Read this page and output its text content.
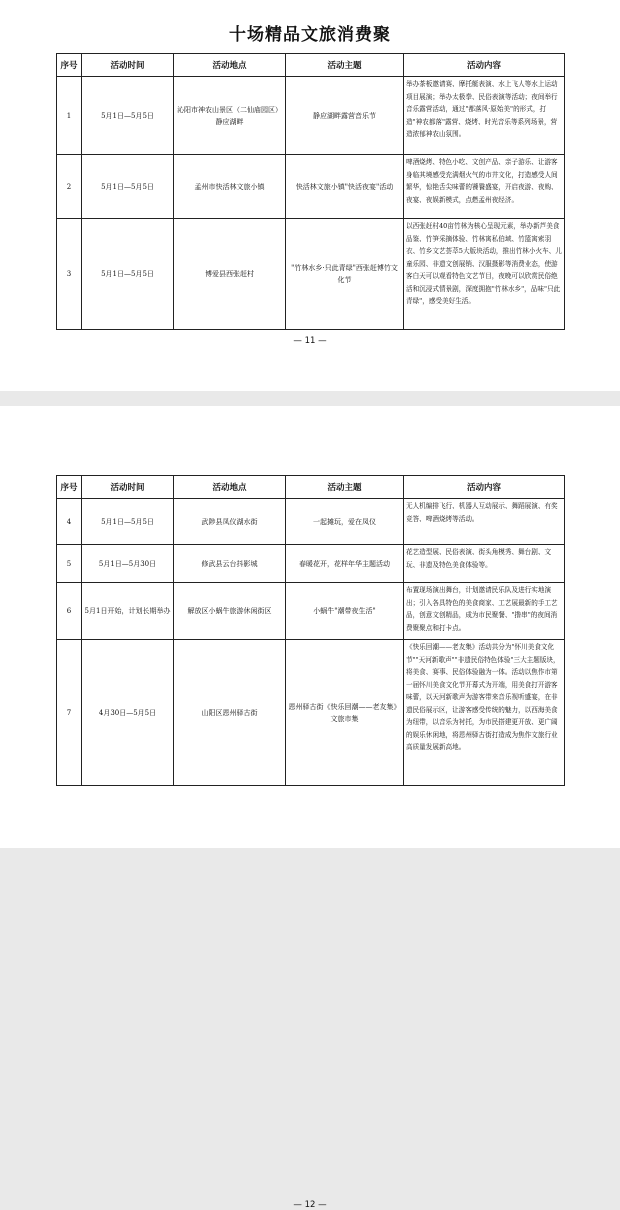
十场精品文旅消费聚
序号	活动时间	活动地点	活动主题	活动内容
1	5月1日—5月5日	沁阳市神农山景区（二仙庙园区）静应湖畔	静应湖畔露营音乐节	举办茶板邀请赛、摩托艇表演、水上飞人等水上运动项目展演；举办太极拳、民俗表演等活动；夜间举行音乐露营活动，通过"都落风·原始美"的形式，打造"神农都落"露营、烧烤、时光音乐等系列场景，营造浓郁神农山氛围。
2	5月1日—5月5日	孟州市快活林文旅小镇	快活林文旅小镇"快活夜宴"活动	啤酒烧烤、特色小吃、文创产品、亲子游乐、让游客身临其境感受充满烟火气的市井文化，打造感受人间繁华，惊艳舌尖味蕾的饕餮盛宴，开启夜游、夜购、夜宴、夜娱新模式，点燃孟州夜经济。
3	5月1日—5月5日	博爱县西张赶村	"竹林水乡·只此青绿"西张赶博竹文化节	以西张赶村40亩竹林为核心呈现元素，举办新芦美食品鉴、竹笋采摘体验、竹林寓私伯域、竹篮寓索羽衣、竹乡文艺荟萃5大版块活动，推出竹林小火车、儿童乐园、非遗文创展销、汉服摄影等消费业态，使游客白天可以观看特色文艺节目，夜晚可以欣赏民俗绝活和沉浸式情景剧，深度拥抱"竹林水乡"，品味"只此青绿"，感受美好生活。
— 11 —
— 12 —
序号	活动时间	活动地点	活动主题	活动内容
4	5月1日—5月5日	武陟县凤仪湖水街	一起摊玩，爱在凤仪	无人机编排飞行、机器人互动展示、舞蹈展演、有奖竞答、啤酒烧烤等活动。
5	5月1日—5月30日	修武县云台抖影城	春暖花开，花样年华主题活动	花艺造型展、民俗表演、街头角模秀、舞台剧、文玩、非遗及特色美食体验等。
6	5月1日开始，计划长期举办	解放区小蜗牛旅游休闲街区	小蜗牛"潮带夜生活"	布置现场演出舞台，计划邀请民乐队及进行实地演出；引入各具特色的美食商家、工艺展最新的手工艺品，创意文创精品，成为市民聚餐、"撸串"的夜间消费聚聚点和打卡点。
7	4月30日—5月5日	山阳区恩州驿古街	恩州驿古街《快乐回潮——老友集》文旅市集	《快乐回潮——老友集》活动共分为"怀川美食文化节""天河新歌声""非遗民俗特色体验"三大主题版块，将美食、赛事、民俗体验融为一体。活动以焦作市第一届怀川美食文化节开幕式为开端，用美食打开游客味蕾，以天河新歌声为游客带来音乐视听盛宴，在非遗民俗展示区，让游客感受传统的魅力，以西海美食为纽带，以音乐为衬托，为市民搭建更开放、更广阔的娱乐休闲地，将恩州驿古街打造成为焦作文旅行业高质量发展新高地。
